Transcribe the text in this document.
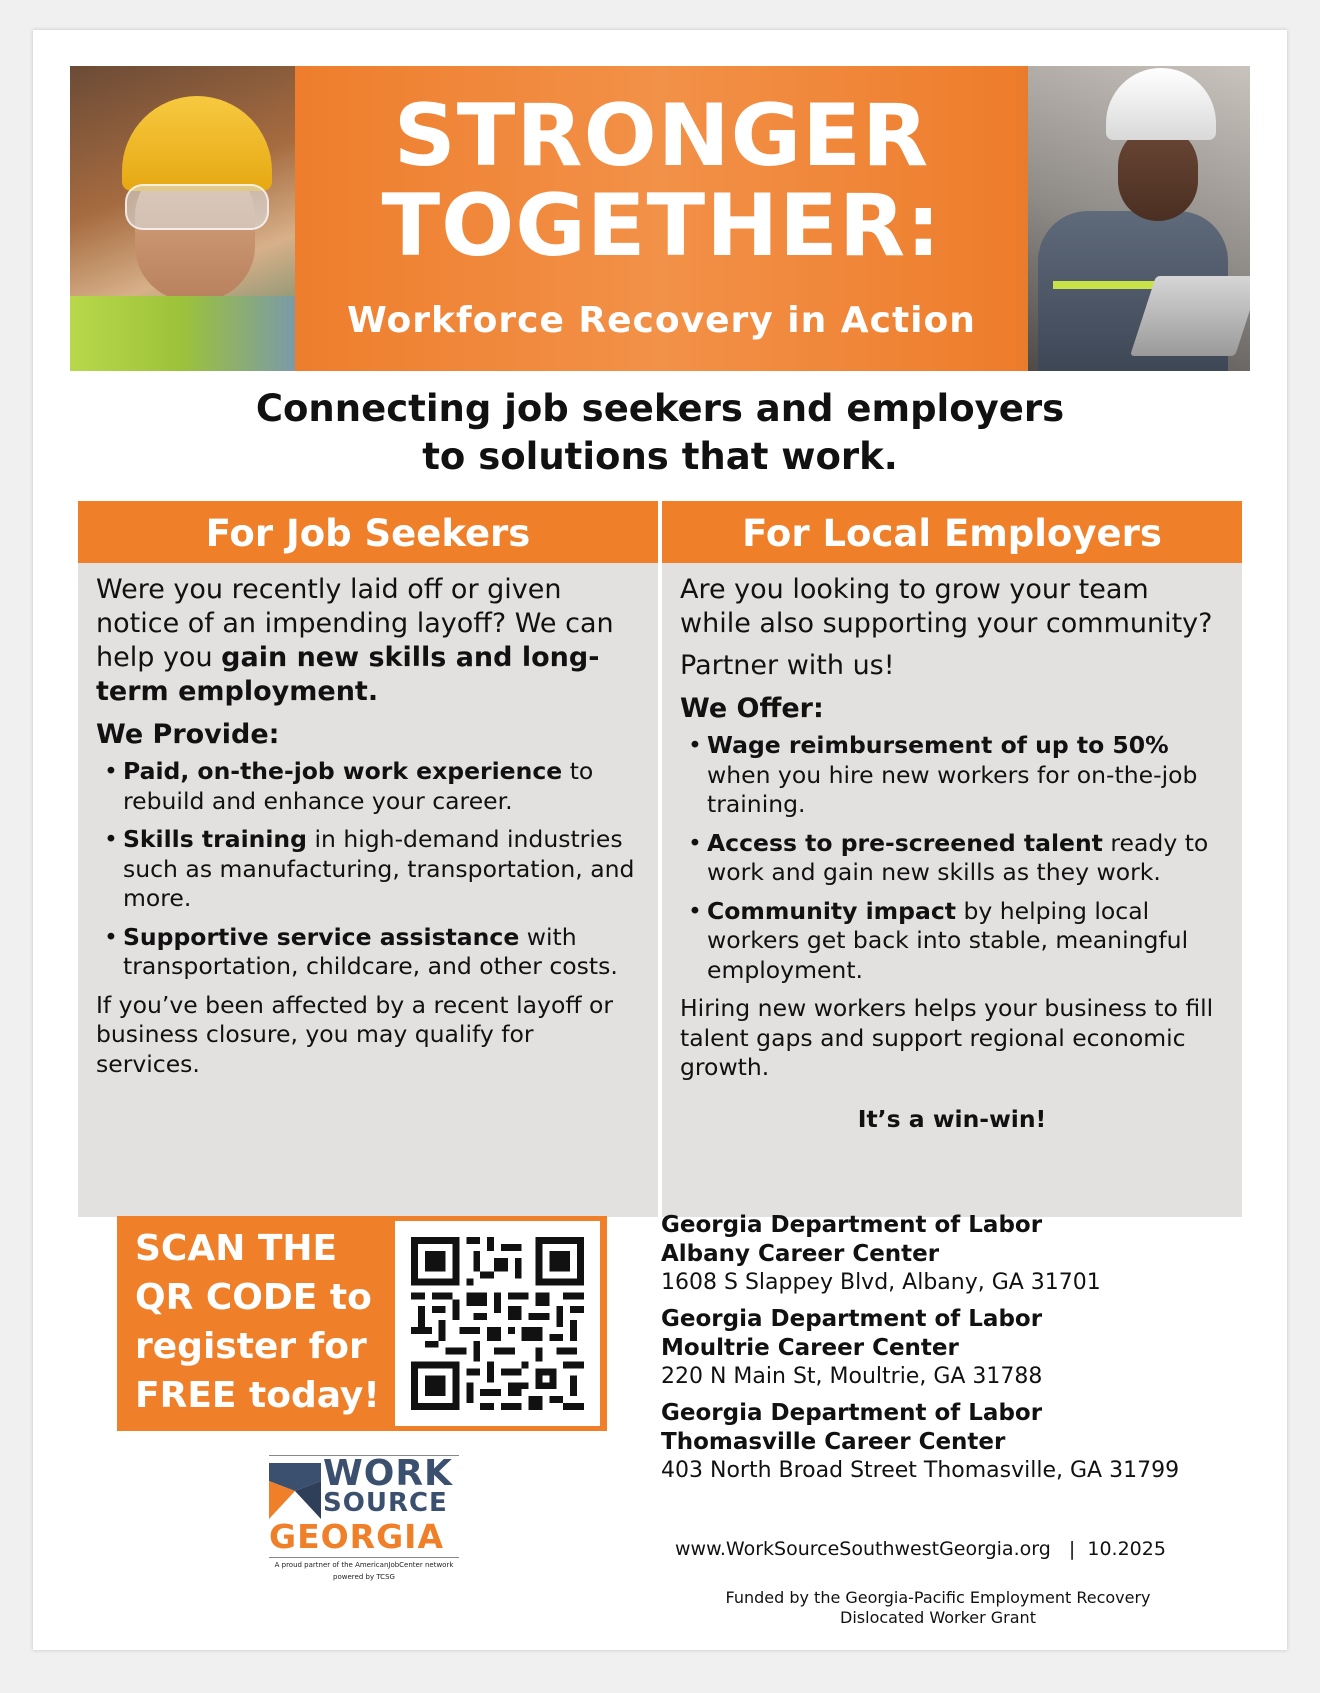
STRONGER
TOGETHER:
Workforce Recovery in Action
Connecting job seekers and employers
to solutions that work.
For Job Seekers

Were you recently laid off or given notice of an impending layoff? We can help you gain new skills and long-term employment.

We Provide:
• Paid, on-the-job work experience to rebuild and enhance your career.
• Skills training in high-demand industries such as manufacturing, transportation, and more.
• Supportive service assistance with transportation, childcare, and other costs.

If you’ve been affected by a recent layoff or business closure, you may qualify for services.

For Local Employers

Are you looking to grow your team while also supporting your community?

Partner with us!

We Offer:
• Wage reimbursement of up to 50% when you hire new workers for on-the-job training.
• Access to pre-screened talent ready to work and gain new skills as they work.
• Community impact by helping local workers get back into stable, meaningful employment.

Hiring new workers helps your business to fill talent gaps and support regional economic growth.

It’s a win-win!
SCAN THE
QR CODE to
register for
FREE today!
WORK
SOURCE
GEORGIA
A proud partner of the AmericanJobCenter network
powered by TCSG
Georgia Department of Labor
Albany Career Center
1608 S Slappey Blvd, Albany, GA 31701
Georgia Department of Labor
Moultrie Career Center
220 N Main St, Moultrie, GA 31788
Georgia Department of Labor
Thomasville Career Center
403 North Broad Street Thomasville, GA 31799
www.WorkSourceSouthwestGeorgia.org   |  10.2025
Funded by the Georgia-Pacific Employment Recovery
Dislocated Worker Grant
